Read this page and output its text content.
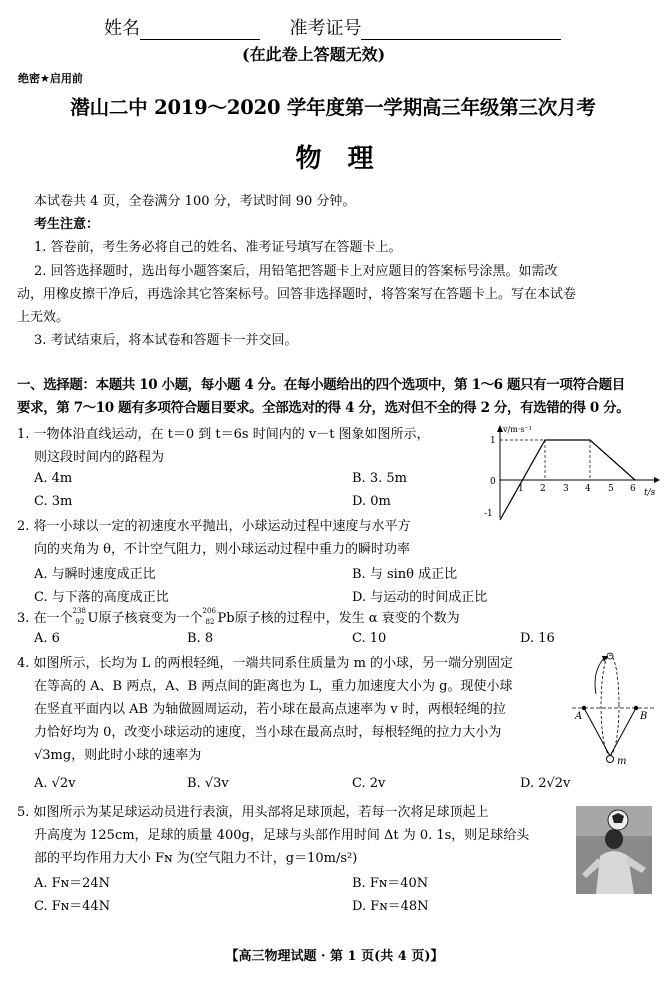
姓名	准考证号
(在此卷上答题无效)
绝密★启用前
潜山二中 2019～2020 学年度第一学期高三年级第三次月考
物　理
本试卷共 4 页，全卷满分 100 分，考试时间 90 分钟。
考生注意：
1. 答卷前，考生务必将自己的姓名、准考证号填写在答题卡上。
2. 回答选择题时，选出每小题答案后，用铅笔把答题卡上对应题目的答案标号涂黑。如需改
动，用橡皮擦干净后，再选涂其它答案标号。回答非选择题时，将答案写在答题卡上。写在本试卷
上无效。
3. 考试结束后，将本试卷和答题卡一并交回。
一、选择题：本题共 10 小题，每小题 4 分。在每小题给出的四个选项中，第 1～6 题只有一项符合题目
要求，第 7～10 题有多项符合题目要求。全部选对的得 4 分，选对但不全的得 2 分，有选错的得 0 分。
1. 一物体沿直线运动，在 t＝0 到 t＝6s 时间内的 v－t 图象如图所示，
则这段时间内的路程为
A. 4m	B. 3. 5m
C. 3m	D. 0m
v/m·s⁻¹
t/s
1
0
-1
1 2 3 4 5 6
2. 将一小球以一定的初速度水平抛出，小球运动过程中速度与水平方
向的夹角为 θ，不计空气阻力，则小球运动过程中重力的瞬时功率
A. 与瞬时速度成正比	B. 与 sinθ 成正比
C. 与下落的高度成正比	D. 与运动的时间成正比
3. 在一个
238
92 U原子核衰变为一个
206
82 Pb原子核的过程中，发生 α 衰变的个数为
A. 6	B. 8	C. 10	D. 16
4. 如图所示，长均为 L 的两根轻绳，一端共同系住质量为 m 的小球，另一端分别固定
在等高的 A、B 两点，A、B 两点间的距离也为 L，重力加速度大小为 g。现使小球
在竖直平面内以 AB 为轴做圆周运动，若小球在最高点速率为 v 时，两根轻绳的拉
力恰好均为 0，改变小球运动的速度，当小球在最高点时，每根轻绳的拉力大小为
√3mg，则此时小球的速率为
A. √2v	B. √3v	C. 2v	D. 2√2v
A	B
m
5. 如图所示为某足球运动员进行表演，用头部将足球顶起，若每一次将足球顶起上
升高度为 125cm，足球的质量 400g，足球与头部作用时间 Δt 为 0. 1s，则足球给头
部的平均作用力大小 Fɴ 为(空气阻力不计，g＝10m/s²)
A. Fɴ＝24N	B. Fɴ＝40N
C. Fɴ＝44N	D. Fɴ＝48N
【高三物理试题 · 第 1 页(共 4 页)】
